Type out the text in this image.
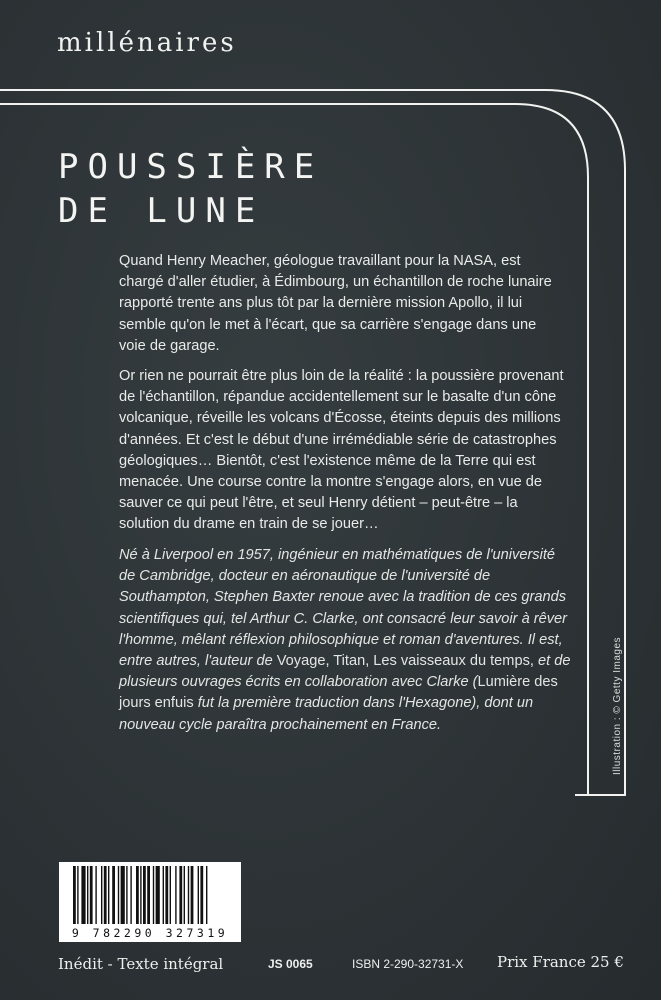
millénaires
POUSSIÈRE
DE LUNE

Quand Henry Meacher, géologue travaillant pour la NASA, est chargé d'aller étudier, à Édimbourg, un échantillon de roche lunaire rapporté trente ans plus tôt par la dernière mission Apollo, il lui semble qu'on le met à l'écart, que sa carrière s'engage dans une voie de garage.

Or rien ne pourrait être plus loin de la réalité : la poussière provenant de l'échantillon, répandue accidentellement sur le basalte d'un cône volcanique, réveille les volcans d'Écosse, éteints depuis des millions d'années. Et c'est le début d'une irrémédiable série de catastrophes géologiques… Bientôt, c'est l'existence même de la Terre qui est menacée. Une course contre la montre s'engage alors, en vue de sauver ce qui peut l'être, et seul Henry détient – peut-être – la solution du drame en train de se jouer…

Né à Liverpool en 1957, ingénieur en mathématiques de l'université de Cambridge, docteur en aéronautique de l'université de Southampton, Stephen Baxter renoue avec la tradition de ces grands scientifiques qui, tel Arthur C. Clarke, ont consacré leur savoir à rêver l'homme, mêlant réflexion philosophique et roman d'aventures. Il est, entre autres, l'auteur de Voyage, Titan, Les vaisseaux du temps, et de plusieurs ouvrages écrits en collaboration avec Clarke (Lumière des jours enfuis fut la première traduction dans l'Hexagone), dont un nouveau cycle paraîtra prochainement en France.	Illustration : © Getty Images
9 782290 327319
Inédit - Texte intégral	JS 0065	ISBN 2-290-32731-X Prix France 25 €
